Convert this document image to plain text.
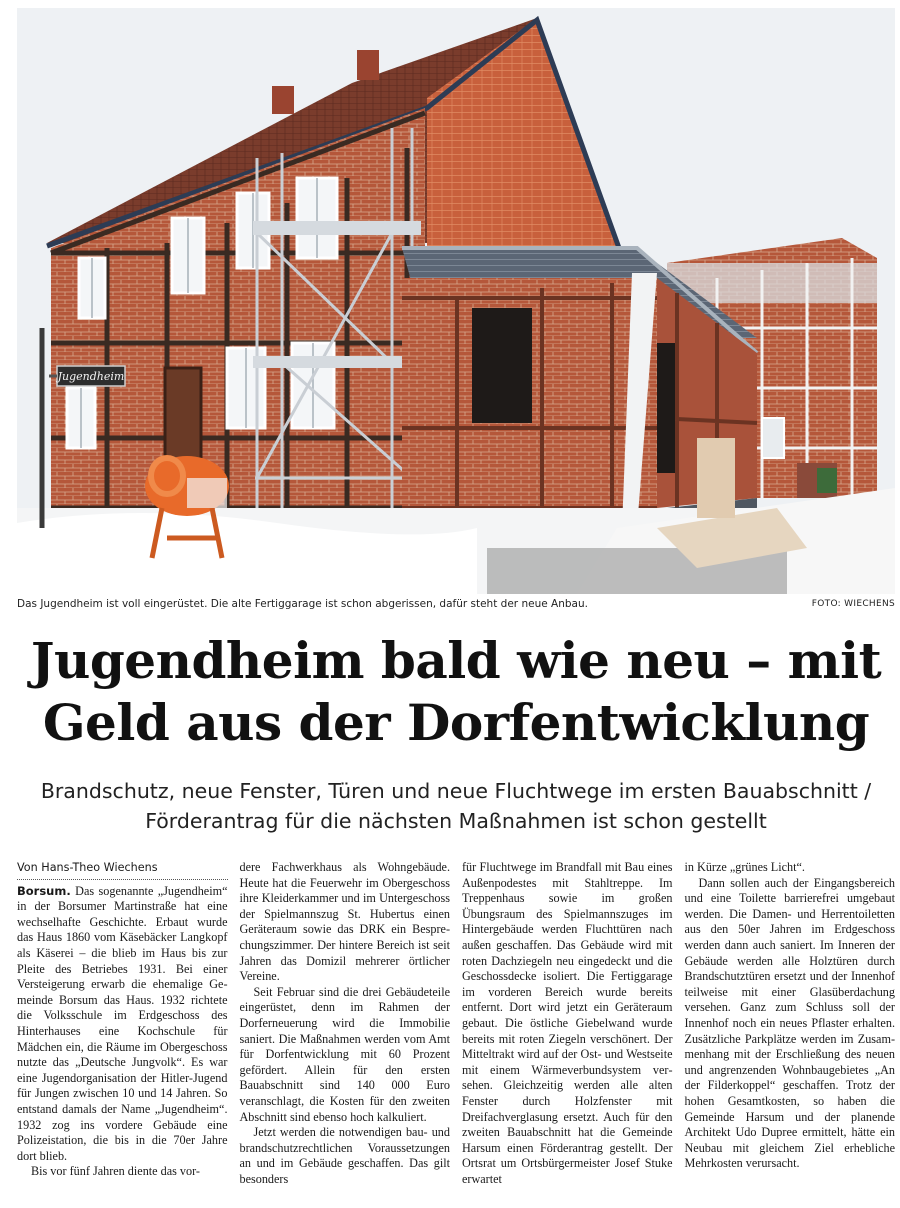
Jugendheim
Das Jugendheim ist voll eingerüstet. Die alte Fertiggarage ist schon abgerissen, dafür steht der neue Anbau.	FOTO: WIECHENS
Jugendheim bald wie neu – mit
Geld aus der Dorfentwicklung
Brandschutz, neue Fenster, Türen und neue Fluchtwege im ersten Bauabschnitt /
Förderantrag für die nächsten Maßnahmen ist schon gestellt
Von Hans-Theo Wiechens

Borsum. Das sogenannte „Jugendheim“ in der Borsumer Martinstraße hat eine wechselhafte Geschichte. Erbaut wurde das Haus 1860 vom Käsebäcker Langkopf als Käserei – die blieb im Haus bis zur Pleite des Betriebes 1931. Bei einer Versteigerung erwarb die ehemalige Gemeinde Borsum das Haus. 1932 richtete die Volksschule im Erdgeschoss des Hinterhauses eine Kochschule für Mädchen ein, die Räume im Obergeschoss nutzte das „Deutsche Jungvolk“. Es war eine Jugendorganisation der Hitler-Jugend für Jungen zwischen 10 und 14 Jahren. So entstand damals der Name „Jugendheim“. 1932 zog ins vordere Gebäude eine Polizeistation, die bis in die 70er Jahre dort blieb.

Bis vor fünf Jahren diente das vor-

dere Fachwerkhaus als Wohngebäude. Heute hat die Feuerwehr im Obergeschoss ihre Kleiderkammer und im Untergeschoss der Spielmannszug St. Hubertus einen Geräteraum sowie das DRK ein Besprechungszimmer. Der hintere Bereich ist seit Jahren das Domizil mehrerer örtlicher Vereine.

Seit Februar sind die drei Gebäudeteile eingerüstet, denn im Rahmen der Dorferneuerung wird die Immobilie saniert. Die Maßnahmen werden vom Amt für Dorfentwicklung mit 60 Prozent gefördert. Allein für den ersten Bauabschnitt sind 140 000 Euro veranschlagt, die Kosten für den zweiten Abschnitt sind ebenso hoch kalkuliert.

Jetzt werden die notwendigen bau- und brandschutzrechtlichen Voraussetzungen an und im Gebäude geschaffen. Das gilt besonders

für Fluchtwege im Brandfall mit Bau eines Außenpodestes mit Stahltreppe. Im Treppenhaus sowie im großen Übungsraum des Spielmannszuges im Hintergebäude werden Fluchttüren nach außen geschaffen. Das Gebäude wird mit roten Dachziegeln neu eingedeckt und die Geschossdecke isoliert. Die Fertiggarage im vorderen Bereich wurde bereits entfernt. Dort wird jetzt ein Geräteraum gebaut. Die östliche Giebelwand wurde bereits mit roten Ziegeln verschönert. Der Mitteltrakt wird auf der Ost- und Westseite mit einem Wärmeverbundsystem versehen. Gleichzeitig werden alle alten Fenster durch Holzfenster mit Dreifachverglasung ersetzt. Auch für den zweiten Bauabschnitt hat die Gemeinde Harsum einen Förderantrag gestellt. Der Ortsrat um Ortsbürgermeister Josef Stuke erwartet

in Kürze „grünes Licht“.

Dann sollen auch der Eingangsbereich und eine Toilette barrierefrei umgebaut werden. Die Damen- und Herrentoiletten aus den 50er Jahren im Erdgeschoss werden dann auch saniert. Im Inneren der Gebäude werden alle Holztüren durch Brandschutztüren ersetzt und der Innenhof teilweise mit einer Glasüberdachung versehen. Ganz zum Schluss soll der Innenhof noch ein neues Pflaster erhalten. Zusätzliche Parkplätze werden im Zusammenhang mit der Erschließung des neuen und angrenzenden Wohnbaugebietes „An der Filderkoppel“ geschaffen. Trotz der hohen Gesamtkosten, so haben die Gemeinde Harsum und der planende Architekt Udo Dupree ermittelt, hätte ein Neubau mit gleichem Ziel erhebliche Mehrkosten verursacht.
